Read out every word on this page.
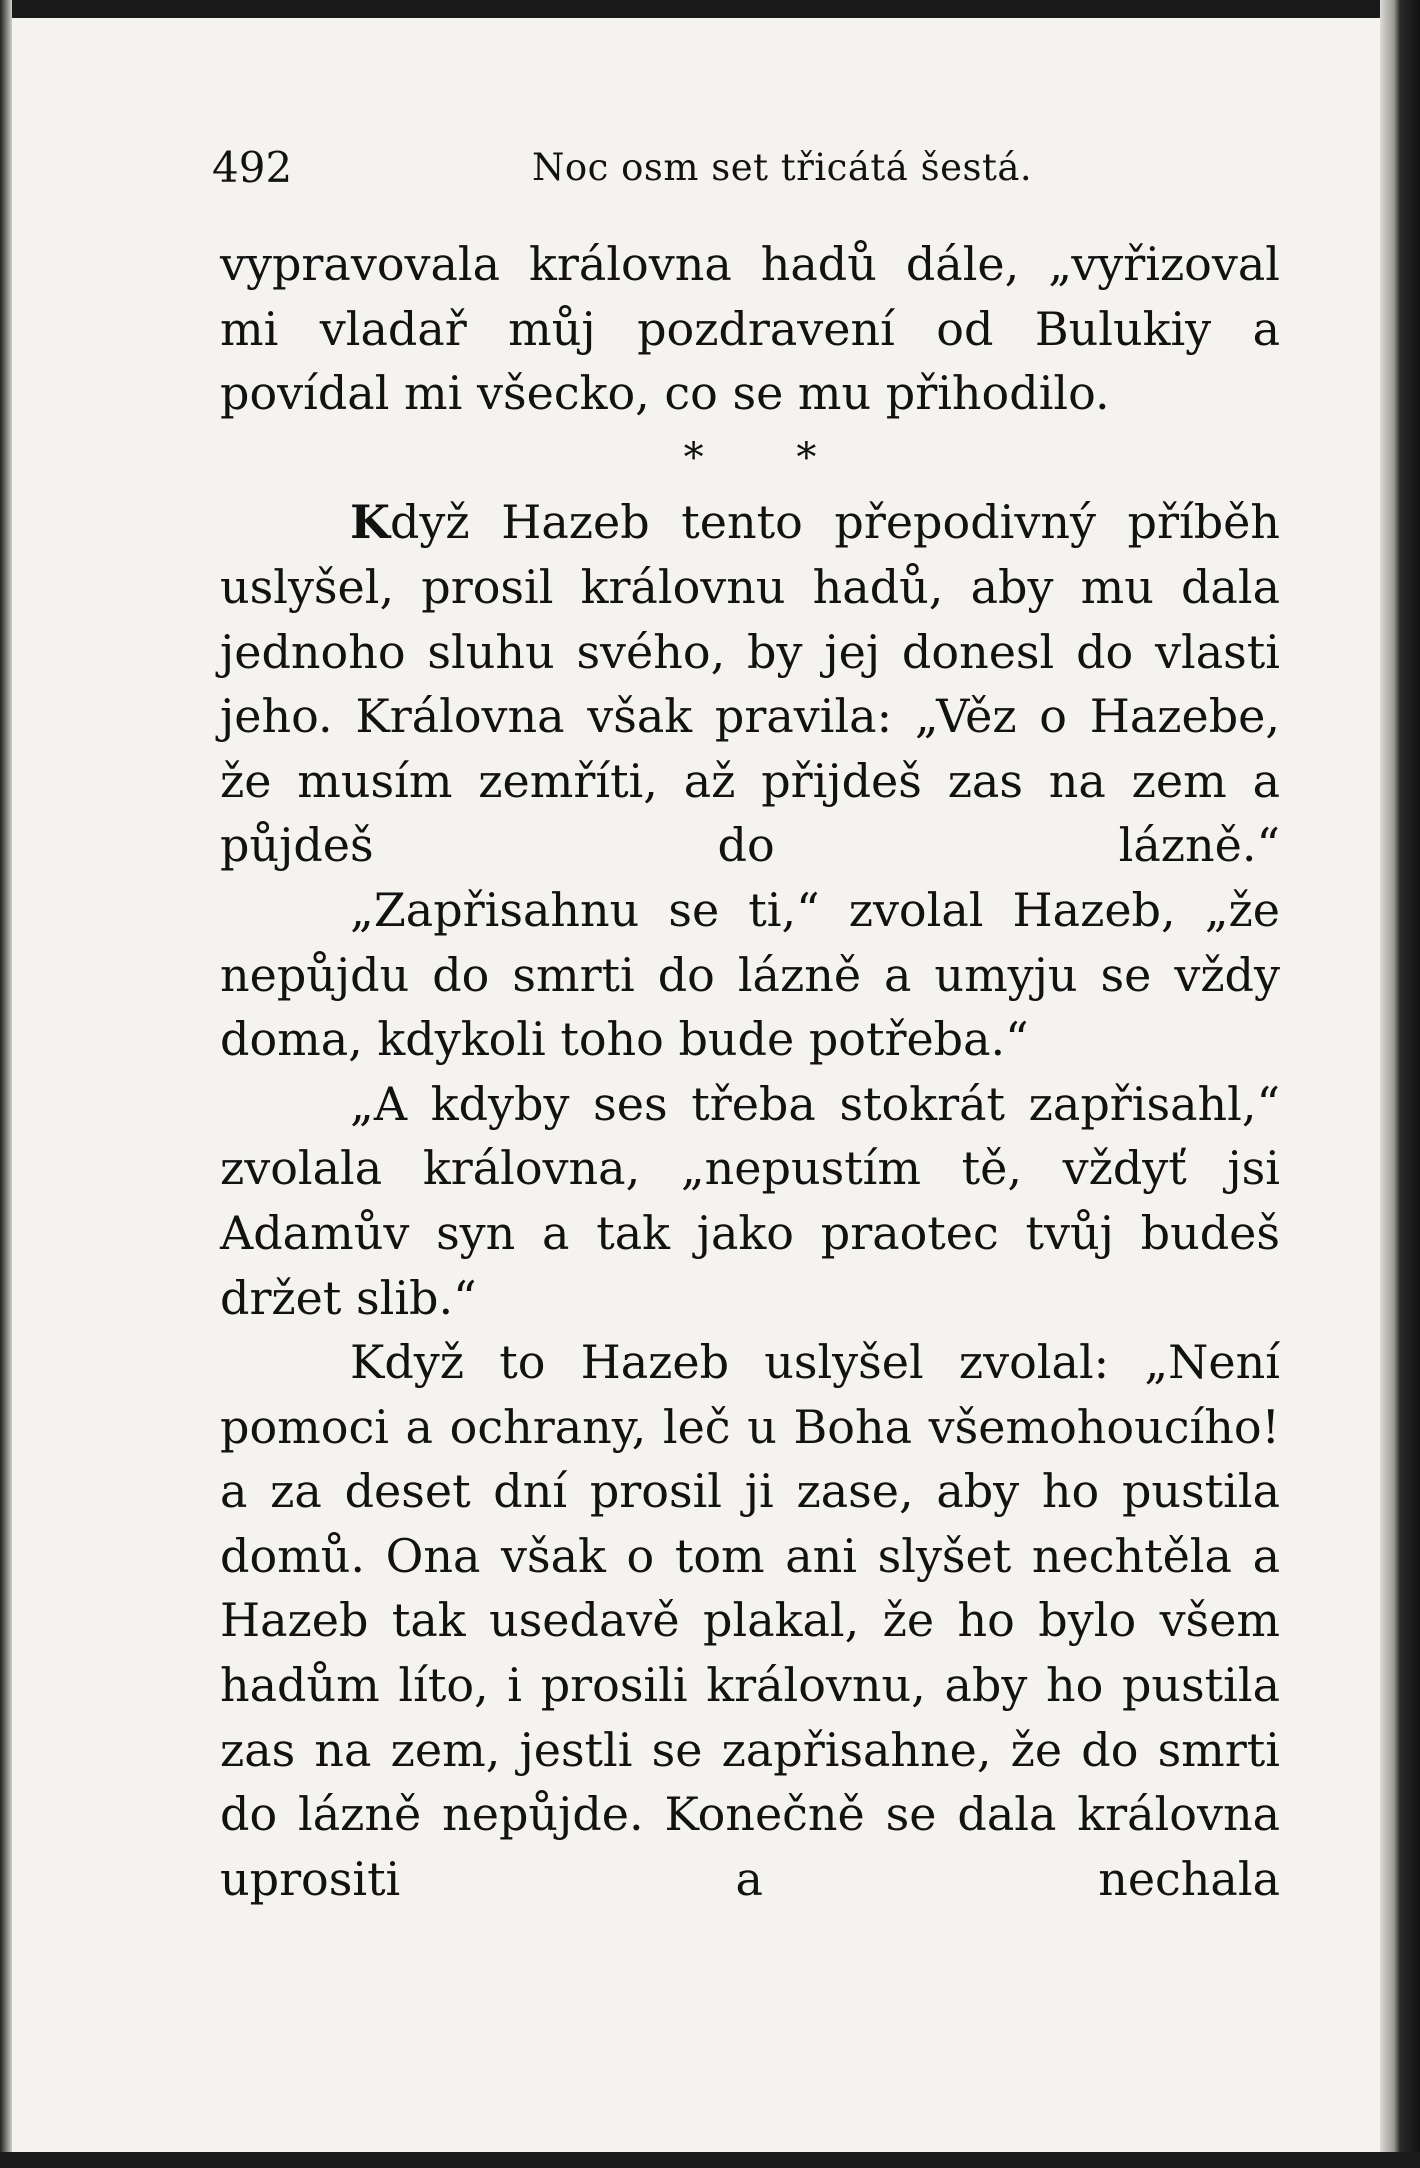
492	Noc osm set třicátá šestá.

vypravovala královna hadů dále, „vyřizoval mi vladař můj pozdravení od Bulukiy a povídal mi všecko, co se mu přihodilo.

* *

Když Hazeb tento přepodivný příběh uslyšel, prosil královnu hadů, aby mu dala jednoho sluhu svého, by jej donesl do vlasti jeho. Královna však pravila: „Věz o Hazebe, že musím zemříti, až přijdeš zas na zem a půjdeš do lázně.“

„Zapřisahnu se ti,“ zvolal Hazeb, „že nepůjdu do smrti do lázně a umyju se vždy doma, kdykoli toho bude potřeba.“

„A kdyby ses třeba stokrát zapřisahl,“ zvolala královna, „nepustím tě, vždyť jsi Adamův syn a tak jako praotec tvůj budeš držet slib.“

Když to Hazeb uslyšel zvolal: „Není pomoci a ochrany, leč u Boha všemohoucího! a za deset dní prosil ji zase, aby ho pustila domů. Ona však o tom ani slyšet nechtěla a Hazeb tak usedavě plakal, že ho bylo všem hadům líto, i prosili královnu, aby ho pustila zas na zem, jestli se zapřisahne, že do smrti do lázně nepůjde. Konečně se dala královna uprositi a nechala
